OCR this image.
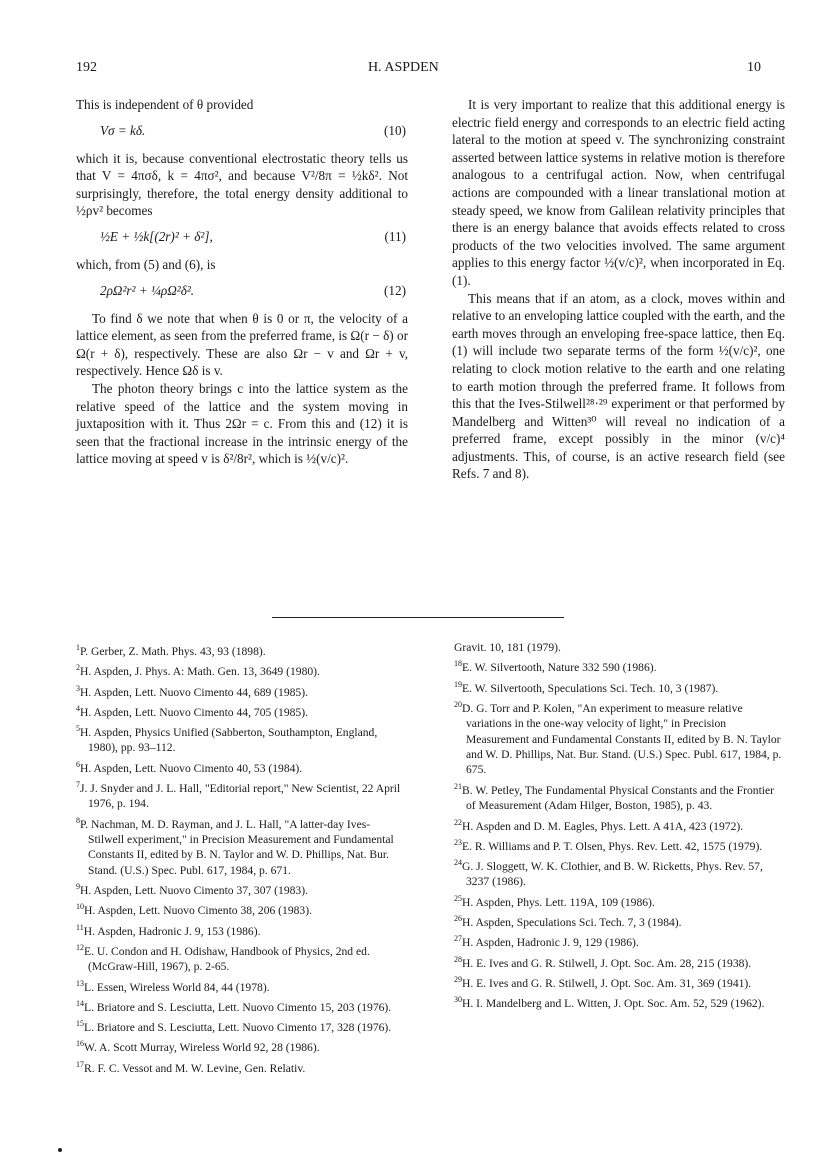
192	H. ASPDEN	10

This is independent of θ provided

Vσ = kδ.	(10)

which it is, because conventional electrostatic theory tells us that V = 4πσδ, k = 4πσ², and because V²/8π = ½kδ². Not surprisingly, therefore, the total energy density additional to ½ρv² becomes

½E + ½k[(2r)² + δ²],	(11)

which, from (5) and (6), is

2ρΩ²r² + ¼ρΩ²δ².	(12)

To find δ we note that when θ is 0 or π, the velocity of a lattice element, as seen from the preferred frame, is Ω(r − δ) or Ω(r + δ), respectively. These are also Ωr − v and Ωr + v, respectively. Hence Ωδ is v.

The photon theory brings c into the lattice system as the relative speed of the lattice and the system moving in juxtaposition with it. Thus 2Ωr = c. From this and (12) it is seen that the fractional increase in the intrinsic energy of the lattice moving at speed v is δ²/8r², which is ½(v/c)².

It is very important to realize that this additional energy is electric field energy and corresponds to an electric field acting lateral to the motion at speed v. The synchronizing constraint asserted between lattice systems in relative motion is therefore analogous to a centrifugal action. Now, when centrifugal actions are compounded with a linear translational motion at steady speed, we know from Galilean relativity principles that there is an energy balance that avoids effects related to cross products of the two velocities involved. The same argument applies to this energy factor ½(v/c)², when incorporated in Eq. (1).

This means that if an atom, as a clock, moves within and relative to an enveloping lattice coupled with the earth, and the earth moves through an enveloping free-space lattice, then Eq. (1) will include two separate terms of the form ½(v/c)², one relating to clock motion relative to the earth and one relating to earth motion through the preferred frame. It follows from this that the Ives-Stilwell²⁸·²⁹ experiment or that performed by Mandelberg and Witten³⁰ will reveal no indication of a preferred frame, except possibly in the minor (v/c)⁴ adjustments. This, of course, is an active research field (see Refs. 7 and 8).

$^1$P. Gerber, Z. Math. Phys. 43, 93 (1898).
$^2$H. Aspden, J. Phys. A: Math. Gen. 13, 3649 (1980).
$^3$H. Aspden, Lett. Nuovo Cimento 44, 689 (1985).
$^4$H. Aspden, Lett. Nuovo Cimento 44, 705 (1985).
$^5$H. Aspden, Physics Unified (Sabberton, Southampton, England, 1980), pp. 93–112.
$^6$H. Aspden, Lett. Nuovo Cimento 40, 53 (1984).
$^7$J. J. Snyder and J. L. Hall, "Editorial report," New Scientist, 22 April 1976, p. 194.
$^8$P. Nachman, M. D. Rayman, and J. L. Hall, "A latter-day Ives-Stilwell experiment," in Precision Measurement and Fundamental Constants II, edited by B. N. Taylor and W. D. Phillips, Nat. Bur. Stand. (U.S.) Spec. Publ. 617, 1984, p. 671.
$^9$H. Aspden, Lett. Nuovo Cimento 37, 307 (1983).
$^{10}$H. Aspden, Lett. Nuovo Cimento 38, 206 (1983).
$^{11}$H. Aspden, Hadronic J. 9, 153 (1986).
$^{12}$E. U. Condon and H. Odishaw, Handbook of Physics, 2nd ed. (McGraw-Hill, 1967), p. 2-65.
$^{13}$L. Essen, Wireless World 84, 44 (1978).
$^{14}$L. Briatore and S. Lesciutta, Lett. Nuovo Cimento 15, 203 (1976).
$^{15}$L. Briatore and S. Lesciutta, Lett. Nuovo Cimento 17, 328 (1976).
$^{16}$W. A. Scott Murray, Wireless World 92, 28 (1986).
$^{17}$R. F. C. Vessot and M. W. Levine, Gen. Relativ.
Gravit. 10, 181 (1979).
$^{18}$E. W. Silvertooth, Nature 332 590 (1986).
$^{19}$E. W. Silvertooth, Speculations Sci. Tech. 10, 3 (1987).
$^{20}$D. G. Torr and P. Kolen, "An experiment to measure relative variations in the one-way velocity of light," in Precision Measurement and Fundamental Constants II, edited by B. N. Taylor and W. D. Phillips, Nat. Bur. Stand. (U.S.) Spec. Publ. 617, 1984, p. 675.
$^{21}$B. W. Petley, The Fundamental Physical Constants and the Frontier of Measurement (Adam Hilger, Boston, 1985), p. 43.
$^{22}$H. Aspden and D. M. Eagles, Phys. Lett. A 41A, 423 (1972).
$^{23}$E. R. Williams and P. T. Olsen, Phys. Rev. Lett. 42, 1575 (1979).
$^{24}$G. J. Sloggett, W. K. Clothier, and B. W. Ricketts, Phys. Rev. 57, 3237 (1986).
$^{25}$H. Aspden, Phys. Lett. 119A, 109 (1986).
$^{26}$H. Aspden, Speculations Sci. Tech. 7, 3 (1984).
$^{27}$H. Aspden, Hadronic J. 9, 129 (1986).
$^{28}$H. E. Ives and G. R. Stilwell, J. Opt. Soc. Am. 28, 215 (1938).
$^{29}$H. E. Ives and G. R. Stilwell, J. Opt. Soc. Am. 31, 369 (1941).
$^{30}$H. I. Mandelberg and L. Witten, J. Opt. Soc. Am. 52, 529 (1962).
